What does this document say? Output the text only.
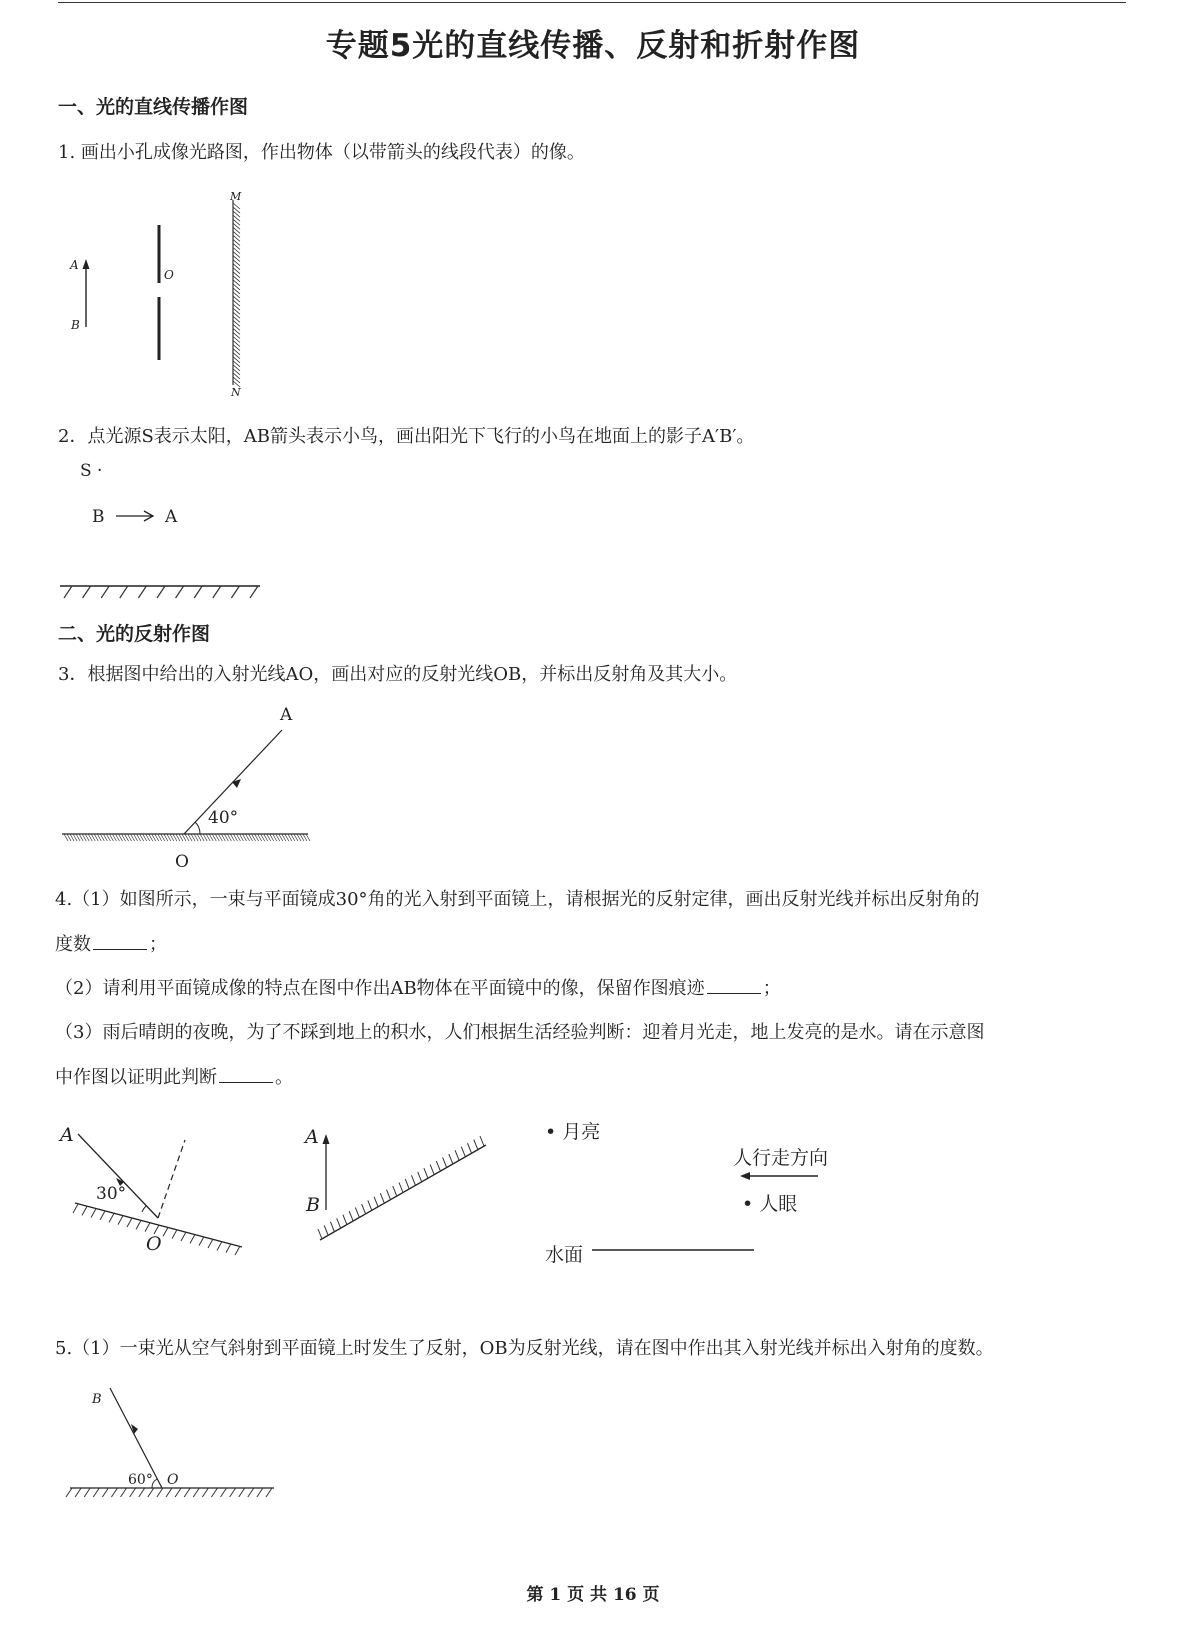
专题5光的直线传播、反射和折射作图
一、光的直线传播作图
1. 画出小孔成像光路图，作出物体（以带箭头的线段代表）的像。
A
B
O
M
N
2．点光源S表示太阳，AB箭头表示小鸟，画出阳光下飞行的小鸟在地面上的影子A′B′。
S ·
B	A
二、光的反射作图
3．根据图中给出的入射光线AO，画出对应的反射光线OB，并标出反射角及其大小。
A
40°
O
4.（1）如图所示，一束与平面镜成30°角的光入射到平面镜上，请根据光的反射定律，画出反射光线并标出反射角的
度数	；
（2）请利用平面镜成像的特点在图中作出AB物体在平面镜中的像，保留作图痕迹	；
（3）雨后晴朗的夜晚，为了不踩到地上的积水，人们根据生活经验判断：迎着月光走，地上发亮的是水。请在示意图
中作图以证明此判断	。
A
30°
O
A
B
• 月亮
人行走方向
• 人眼
水面
5.（1）一束光从空气斜射到平面镜上时发生了反射，OB为反射光线，请在图中作出其入射光线并标出入射角的度数。
B
60° O
第 1 页 共 16 页
